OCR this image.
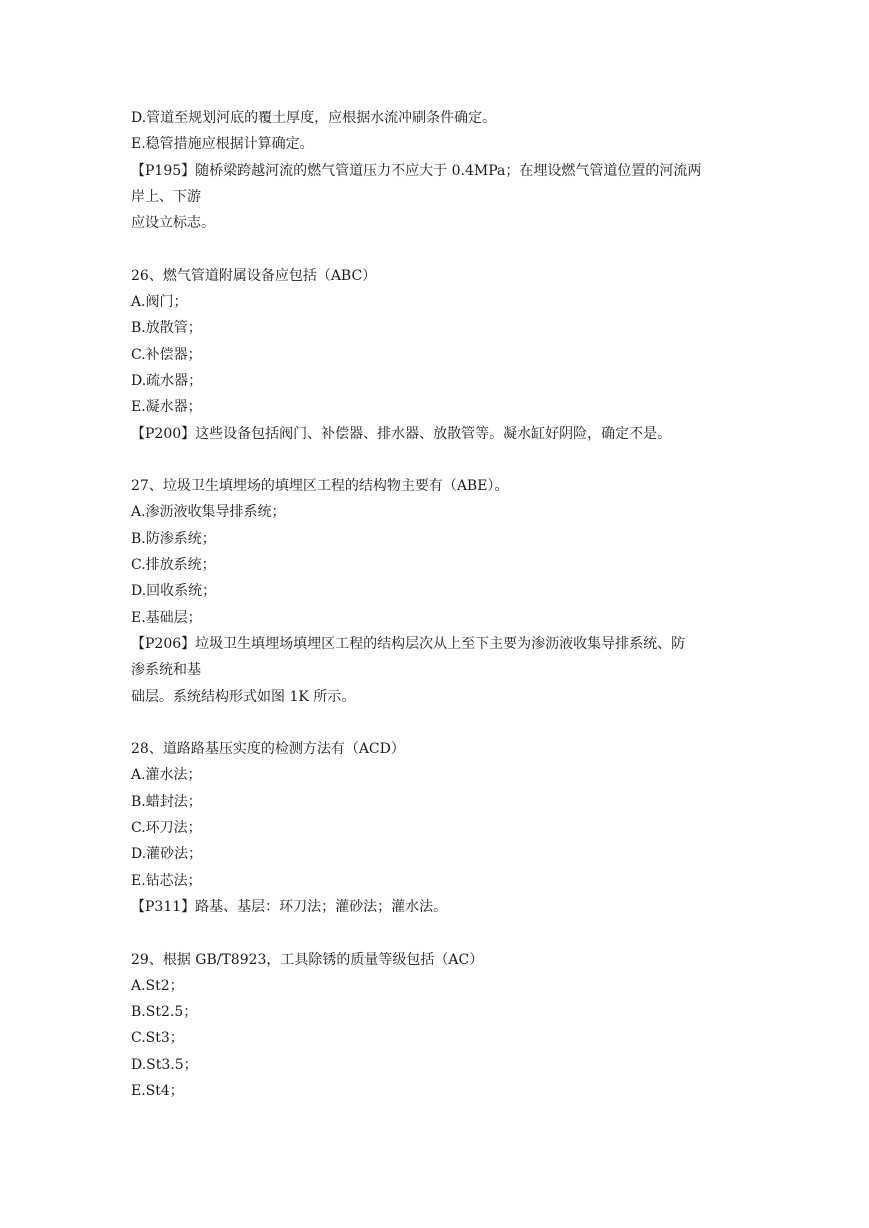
D.管道至规划河底的覆土厚度，应根据水流冲刷条件确定。
E.稳管措施应根据计算确定。
【P195】随桥梁跨越河流的燃气管道压力不应大于 0.4MPa；在埋设燃气管道位置的河流两
岸上、下游
应设立标志。
26、燃气管道附属设备应包括（ABC）
A.阀门；
B.放散管；
C.补偿器；
D.疏水器；
E.凝水器；
【P200】这些设备包括阀门、补偿器、排水器、放散管等。凝水缸好阴险，确定不是。
27、垃圾卫生填埋场的填埋区工程的结构物主要有（ABE）。
A.渗沥液收集导排系统；
B.防渗系统；
C.排放系统；
D.回收系统；
E.基础层；
【P206】垃圾卫生填埋场填埋区工程的结构层次从上至下主要为渗沥液收集导排系统、防
渗系统和基
础层。系统结构形式如图 1K 所示。
28、道路路基压实度的检测方法有（ACD）
A.灌水法；
B.蜡封法；
C.环刀法；
D.灌砂法；
E.钻芯法；
【P311】路基、基层：环刀法；灌砂法；灌水法。
29、根据 GB/T8923，工具除锈的质量等级包括（AC）
A.St2；
B.St2.5；
C.St3；
D.St3.5；
E.St4；
